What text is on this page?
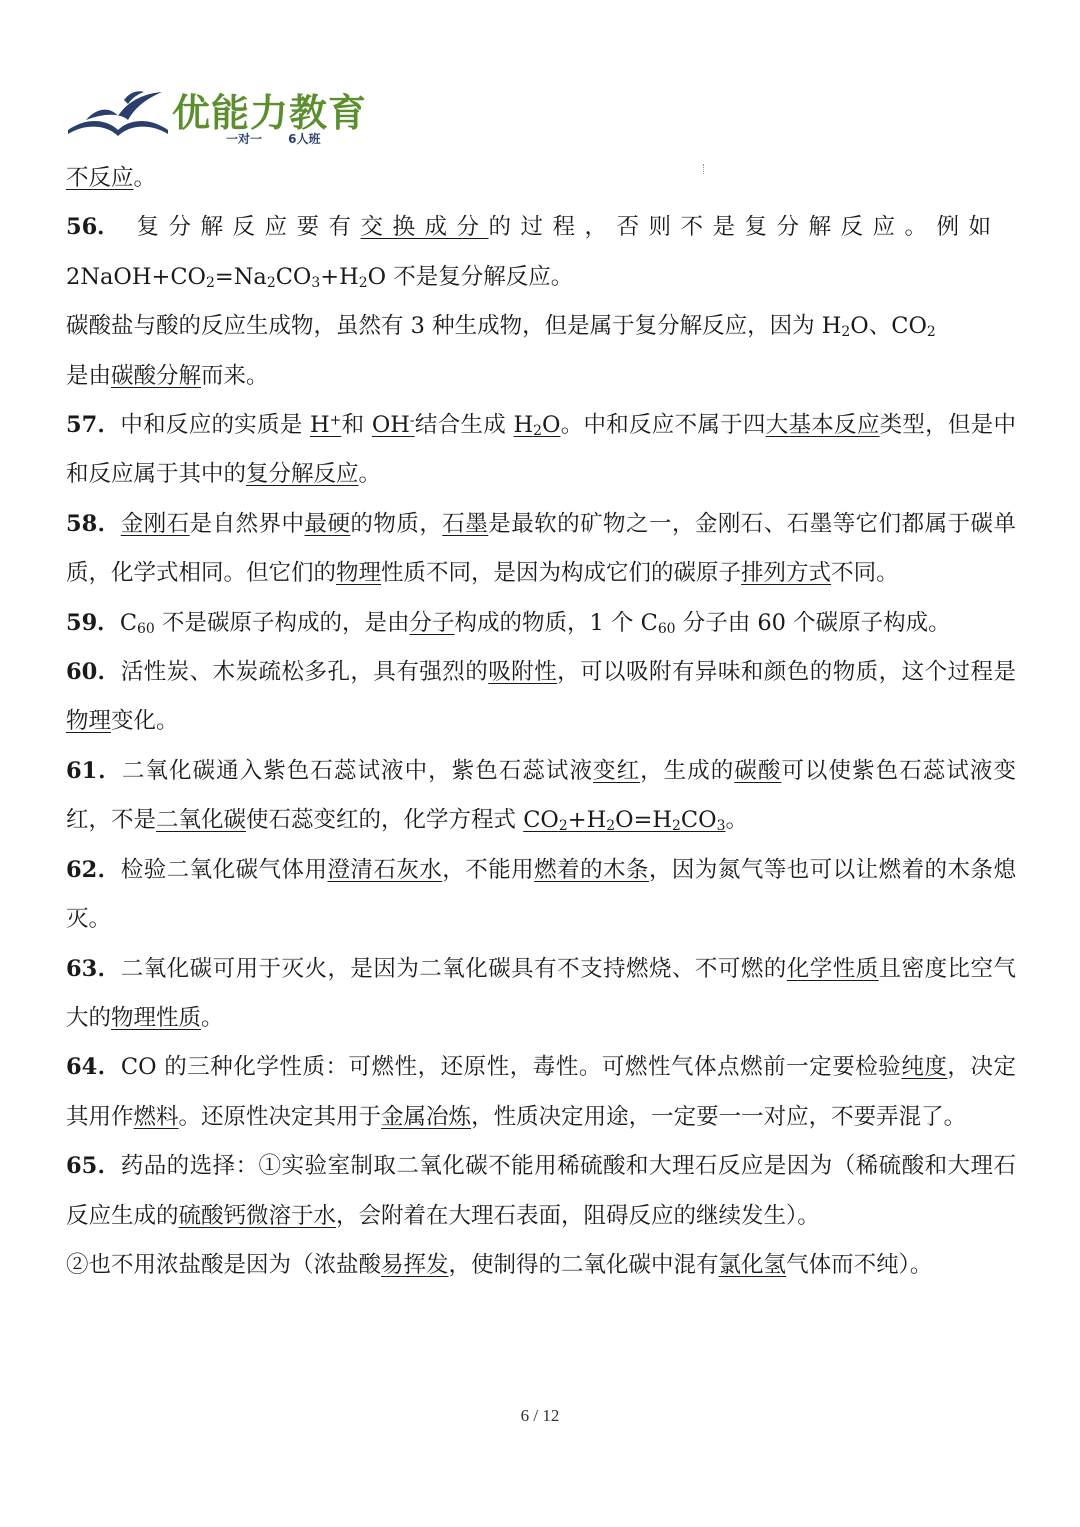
优能力教育
一对一 6人班

不反应。

56． 复分解反应要有交换成分的过程，否则不是复分解反应。例如
$2NaOH+CO_2=Na_2CO_3+H_2O$ 不是复分解反应。

碳酸盐与酸的反应生成物，虽然有 3 种生成物，但是属于复分解反应，因为 $H_2O$、$CO_2$
是由碳酸分解而来。

57．中和反应的实质是 H+和 OH-结合生成 $H_2O$。中和反应不属于四大基本反应类型，但是中和反应属于其中的复分解反应。

58．金刚石是自然界中最硬的物质，石墨是最软的矿物之一，金刚石、石墨等它们都属于碳单质，化学式相同。但它们的物理性质不同，是因为构成它们的碳原子排列方式不同。

59．$C_{60}$ 不是碳原子构成的，是由分子构成的物质，1 个 $C_{60}$ 分子由 60 个碳原子构成。

60．活性炭、木炭疏松多孔，具有强烈的吸附性，可以吸附有异味和颜色的物质，这个过程是物理变化。

61．二氧化碳通入紫色石蕊试液中，紫色石蕊试液变红，生成的碳酸可以使紫色石蕊试液变红，不是二氧化碳使石蕊变红的，化学方程式 $CO_2+H_2O=H_2CO_3$。

62．检验二氧化碳气体用澄清石灰水，不能用燃着的木条，因为氮气等也可以让燃着的木条熄灭。

63．二氧化碳可用于灭火，是因为二氧化碳具有不支持燃烧、不可燃的化学性质且密度比空气大的物理性质。

64．CO 的三种化学性质：可燃性，还原性，毒性。可燃性气体点燃前一定要检验纯度，决定其用作燃料。还原性决定其用于金属冶炼，性质决定用途，一定要一一对应，不要弄混了。

65．药品的选择：①实验室制取二氧化碳不能用稀硫酸和大理石反应是因为（稀硫酸和大理石反应生成的硫酸钙微溶于水，会附着在大理石表面，阻碍反应的继续发生）。

②也不用浓盐酸是因为（浓盐酸易挥发，使制得的二氧化碳中混有氯化氢气体而不纯）。

6 / 12
